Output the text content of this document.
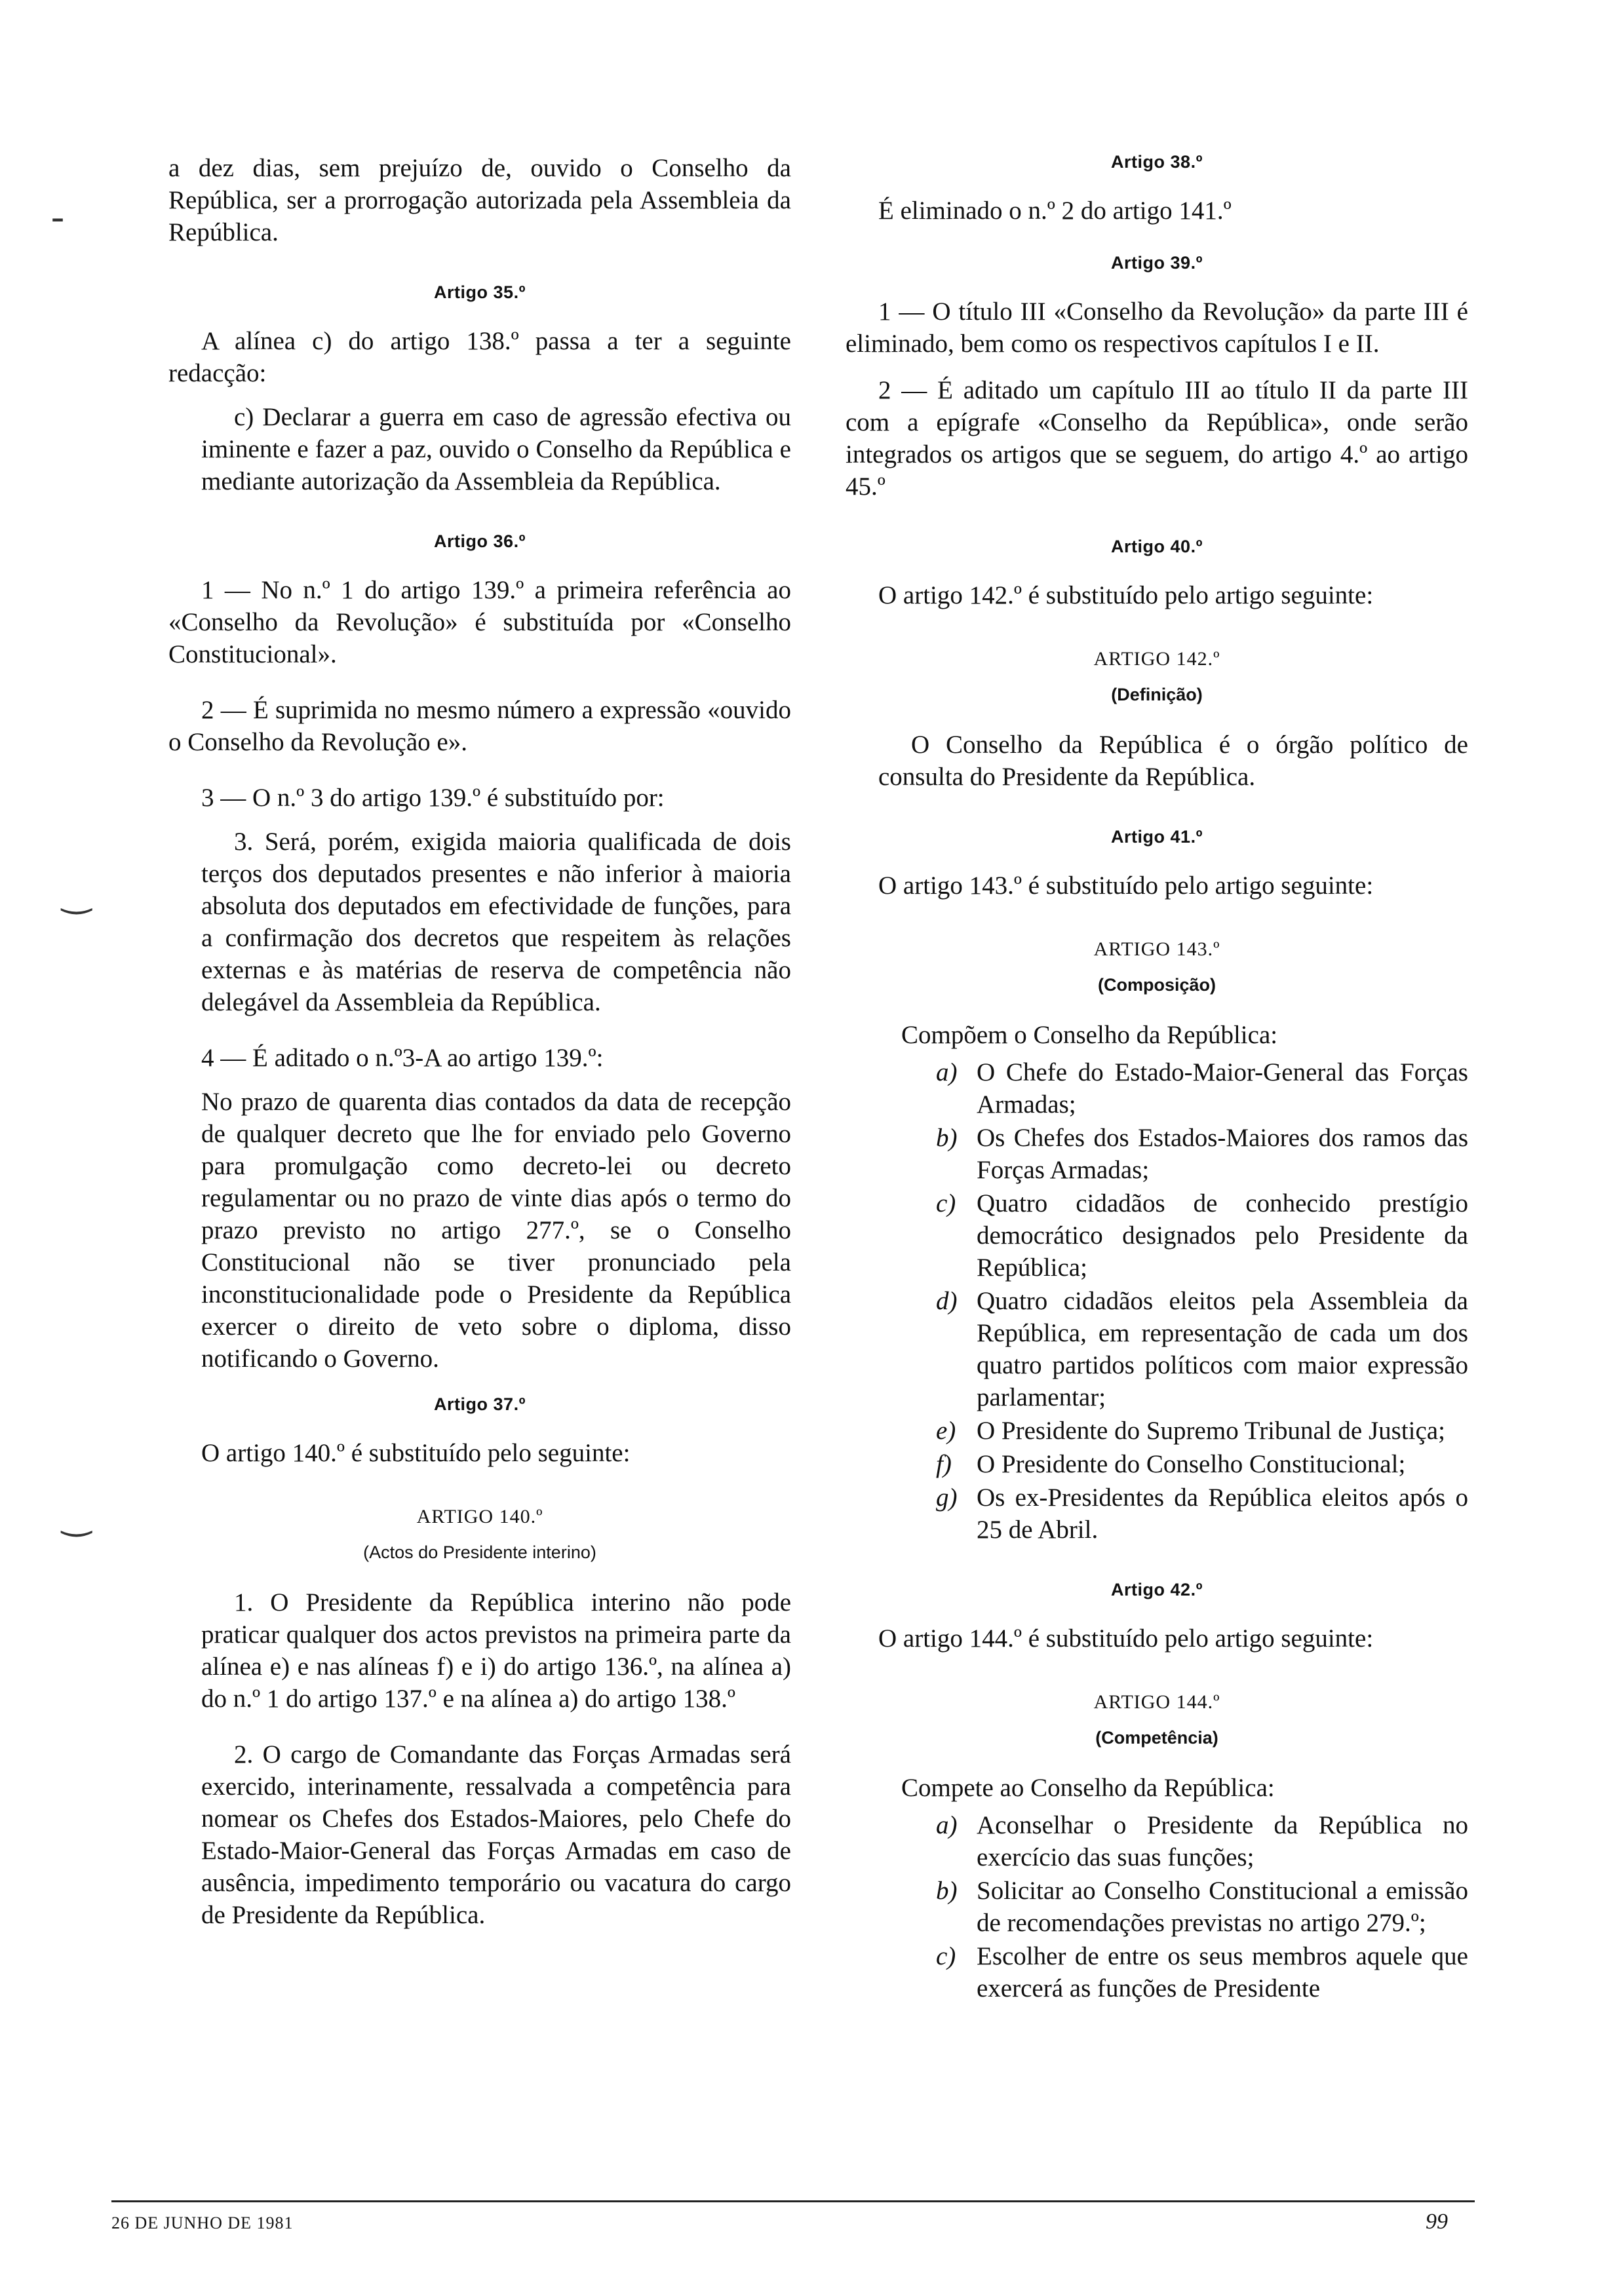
-
‿
‿

a dez dias, sem prejuízo de, ouvido o Conselho da República, ser a prorrogação autorizada pela Assembleia da República.

Artigo 35.º

A alínea c) do artigo 138.º passa a ter a seguinte redacção:

c) Declarar a guerra em caso de agressão efectiva ou iminente e fazer a paz, ouvido o Conselho da República e mediante autorização da Assembleia da República.

Artigo 36.º

1 — No n.º 1 do artigo 139.º a primeira referência ao «Conselho da Revolução» é substituída por «Conselho Constitucional».

2 — É suprimida no mesmo número a expressão «ouvido o Conselho da Revolução e».

3 — O n.º 3 do artigo 139.º é substituído por:

3. Será, porém, exigida maioria qualificada de dois terços dos deputados presentes e não inferior à maioria absoluta dos deputados em efectividade de funções, para a confirmação dos decretos que respeitem às relações externas e às matérias de reserva de competência não delegável da Assembleia da República.

4 — É aditado o n.º3-A ao artigo 139.º:

No prazo de quarenta dias contados da data de recepção de qualquer decreto que lhe for enviado pelo Governo para promulgação como decreto-lei ou decreto regulamentar ou no prazo de vinte dias após o termo do prazo previsto no artigo 277.º, se o Conselho Constitucional não se tiver pronunciado pela inconstitucionalidade pode o Presidente da República exercer o direito de veto sobre o diploma, disso notificando o Governo.

Artigo 37.º

O artigo 140.º é substituído pelo seguinte:

ARTIGO 140.º
(Actos do Presidente interino)

1. O Presidente da República interino não pode praticar qualquer dos actos previstos na primeira parte da alínea e) e nas alíneas f) e i) do artigo 136.º, na alínea a) do n.º 1 do artigo 137.º e na alínea a) do artigo 138.º

2. O cargo de Comandante das Forças Armadas será exercido, interinamente, ressalvada a competência para nomear os Chefes dos Estados-Maiores, pelo Chefe do Estado-Maior-General das Forças Armadas em caso de ausência, impedimento temporário ou vacatura do cargo de Presidente da República.

Artigo 38.º

É eliminado o n.º 2 do artigo 141.º

Artigo 39.º

1 — O título III «Conselho da Revolução» da parte III é eliminado, bem como os respectivos capítulos I e II.

2 — É aditado um capítulo III ao título II da parte III com a epígrafe «Conselho da República», onde serão integrados os artigos que se seguem, do artigo 4.º ao artigo 45.º

Artigo 40.º

O artigo 142.º é substituído pelo artigo seguinte:

ARTIGO 142.º
(Definição)

O Conselho da República é o órgão político de consulta do Presidente da República.

Artigo 41.º

O artigo 143.º é substituído pelo artigo seguinte:

ARTIGO 143.º
(Composição)

Compõem o Conselho da República:

a) O Chefe do Estado-Maior-General das Forças Armadas;
b) Os Chefes dos Estados-Maiores dos ramos das Forças Armadas;
c) Quatro cidadãos de conhecido prestígio democrático designados pelo Presidente da República;
d) Quatro cidadãos eleitos pela Assembleia da República, em representação de cada um dos quatro partidos políticos com maior expressão parlamentar;
e) O Presidente do Supremo Tribunal de Justiça;
f) O Presidente do Conselho Constitucional;
g) Os ex-Presidentes da República eleitos após o 25 de Abril.
Artigo 42.º

O artigo 144.º é substituído pelo artigo seguinte:

ARTIGO 144.º
(Competência)

Compete ao Conselho da República:

a) Aconselhar o Presidente da República no exercício das suas funções;
b) Solicitar ao Conselho Constitucional a emissão de recomendações previstas no artigo 279.º;
c) Escolher de entre os seus membros aquele que exercerá as funções de Presidente
26 DE JUNHO DE 1981	99
